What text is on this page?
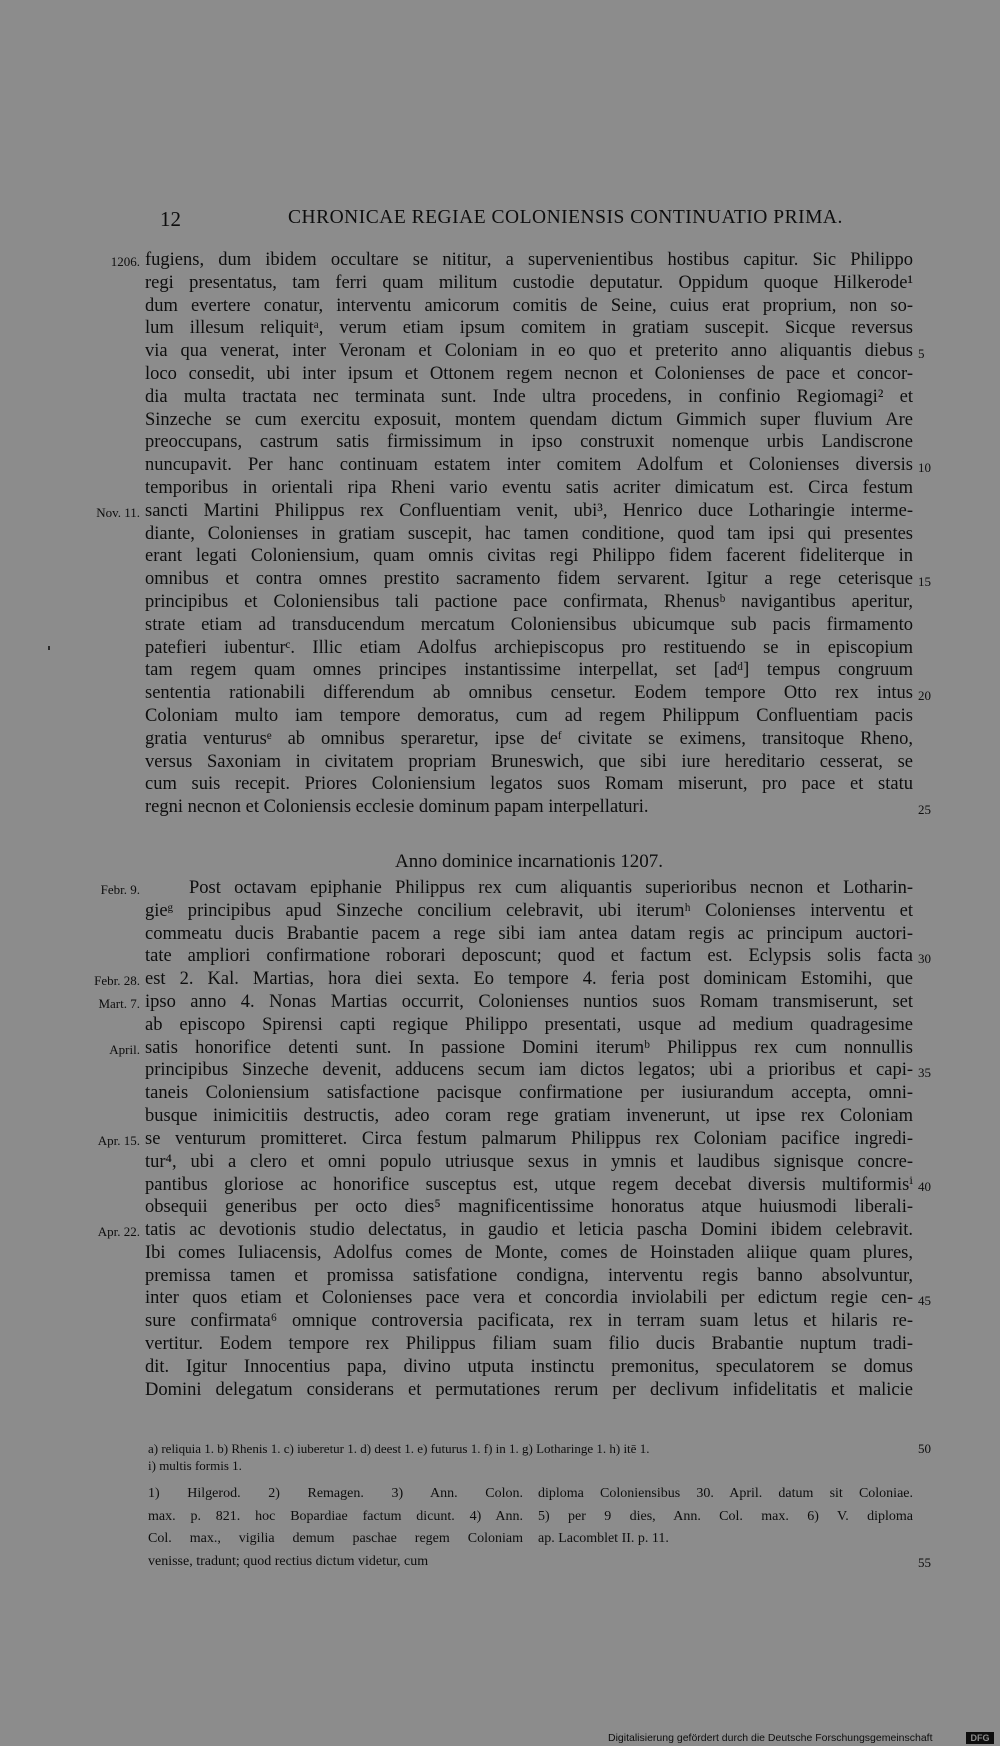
12	CHRONICAE REGIAE COLONIENSIS CONTINUATIO PRIMA.
fugiens, dum ibidem occultare se nititur, a supervenientibus hostibus capitur. Sic Philippo
1206.
regi presentatus, tam ferri quam militum custodie deputatur. Oppidum quoque Hilkerode¹
dum evertere conatur, interventu amicorum comitis de Seine, cuius erat proprium, non so-
lum illesum reliquitᵃ, verum etiam ipsum comitem in gratiam suscepit. Sicque reversus
via qua venerat, inter Veronam et Coloniam in eo quo et preterito anno aliquantis diebus 5
loco consedit, ubi inter ipsum et Ottonem regem necnon et Colonienses de pace et concor-
dia multa tractata nec terminata sunt. Inde ultra procedens, in confinio Regiomagi² et
Sinzeche se cum exercitu exposuit, montem quendam dictum Gimmich super fluvium Are
preoccupans, castrum satis firmissimum in ipso construxit nomenque urbis Landiscrone
nuncupavit. Per hanc continuam estatem inter comitem Adolfum et Colonienses diversis 10
temporibus in orientali ripa Rheni vario eventu satis acriter dimicatum est. Circa festum
sancti Martini Philippus rex Confluentiam venit, ubi³, Henrico duce Lotharingie interme-
Nov. 11.
diante, Colonienses in gratiam suscepit, hac tamen conditione, quod tam ipsi qui presentes
erant legati Coloniensium, quam omnis civitas regi Philippo fidem facerent fideliterque in
omnibus et contra omnes prestito sacramento fidem servarent. Igitur a rege ceterisque 15
principibus et Coloniensibus tali pactione pace confirmata, Rhenusᵇ navigantibus aperitur,
strate etiam ad transducendum mercatum Coloniensibus ubicumque sub pacis firmamento
patefieri iubenturᶜ. Illic etiam Adolfus archiepiscopus pro restituendo se in episcopium
tam regem quam omnes principes instantissime interpellat, set [adᵈ] tempus congruum
sententia rationabili differendum ab omnibus censetur. Eodem tempore Otto rex intus 20
Coloniam multo iam tempore demoratus, cum ad regem Philippum Confluentiam pacis
gratia venturusᵉ ab omnibus speraretur, ipse deᶠ civitate se eximens, transitoque Rheno,
versus Saxoniam in civitatem propriam Bruneswich, que sibi iure hereditario cesserat, se
cum suis recepit. Priores Coloniensium legatos suos Romam miserunt, pro pace et statu
regni necnon et Coloniensis ecclesie dominum papam interpellaturi.	25
Anno dominice incarnationis 1207.
Post octavam epiphanie Philippus rex cum aliquantis superioribus necnon et Lotharin-
Febr. 9.
gieᵍ principibus apud Sinzeche concilium celebravit, ubi iterumʰ Colonienses interventu et
commeatu ducis Brabantie pacem a rege sibi iam antea datam regis ac principum auctori-
tate ampliori confirmatione roborari deposcunt; quod et factum est. Eclypsis solis facta 30
est 2. Kal. Martias, hora diei sexta. Eo tempore 4. feria post dominicam Estomihi, que
Febr. 28.
ipso anno 4. Nonas Martias occurrit, Colonienses nuntios suos Romam transmiserunt, set
Mart. 7.
ab episcopo Spirensi capti regique Philippo presentati, usque ad medium quadragesime
satis honorifice detenti sunt. In passione Domini iterumᵇ Philippus rex cum nonnullis
April.
principibus Sinzeche devenit, adducens secum iam dictos legatos; ubi a prioribus et capi- 35
taneis Coloniensium satisfactione pacisque confirmatione per iusiurandum accepta, omni-
busque inimicitiis destructis, adeo coram rege gratiam invenerunt, ut ipse rex Coloniam
se venturum promitteret. Circa festum palmarum Philippus rex Coloniam pacifice ingredi-
Apr. 15.
tur⁴, ubi a clero et omni populo utriusque sexus in ymnis et laudibus signisque concre-
pantibus gloriose ac honorifice susceptus est, utque regem decebat diversis multiformisⁱ 40
obsequii generibus per octo dies⁵ magnificentissime honoratus atque huiusmodi liberali-
tatis ac devotionis studio delectatus, in gaudio et leticia pascha Domini ibidem celebravit.
Apr. 22.
Ibi comes Iuliacensis, Adolfus comes de Monte, comes de Hoinstaden aliique quam plures,
premissa tamen et promissa satisfatione condigna, interventu regis banno absolvuntur,
inter quos etiam et Colonienses pace vera et concordia inviolabili per edictum regie cen- 45
sure confirmata⁶ omnique controversia pacificata, rex in terram suam letus et hilaris re-
vertitur. Eodem tempore rex Philippus filiam suam filio ducis Brabantie nuptum tradi-
dit. Igitur Innocentius papa, divino utputa instinctu premonitus, speculatorem se domus
Domini delegatum considerans et permutationes rerum per declivum infidelitatis et malicie
a) reliquia 1. b) Rhenis 1. c) iuberetur 1. d) deest 1. e) futurus 1. f) in 1. g) Lotharinge 1. h) itē 1.	50
i) multis formis 1.
1) Hilgerod. 2) Remagen. 3) Ann. Colon.
max. p. 821. hoc Bopardiae factum dicunt. 4) Ann.
Col. max., vigilia demum paschae regem Coloniam
venisse, tradunt; quod rectius dictum videtur, cum
diploma Coloniensibus 30. April. datum sit Coloniae.
5) per 9 dies, Ann. Col. max. 6) V. diploma
ap. Lacomblet II. p. 11.
55
Digitalisierung gefördert durch die Deutsche Forschungsgemeinschaft	DFG
